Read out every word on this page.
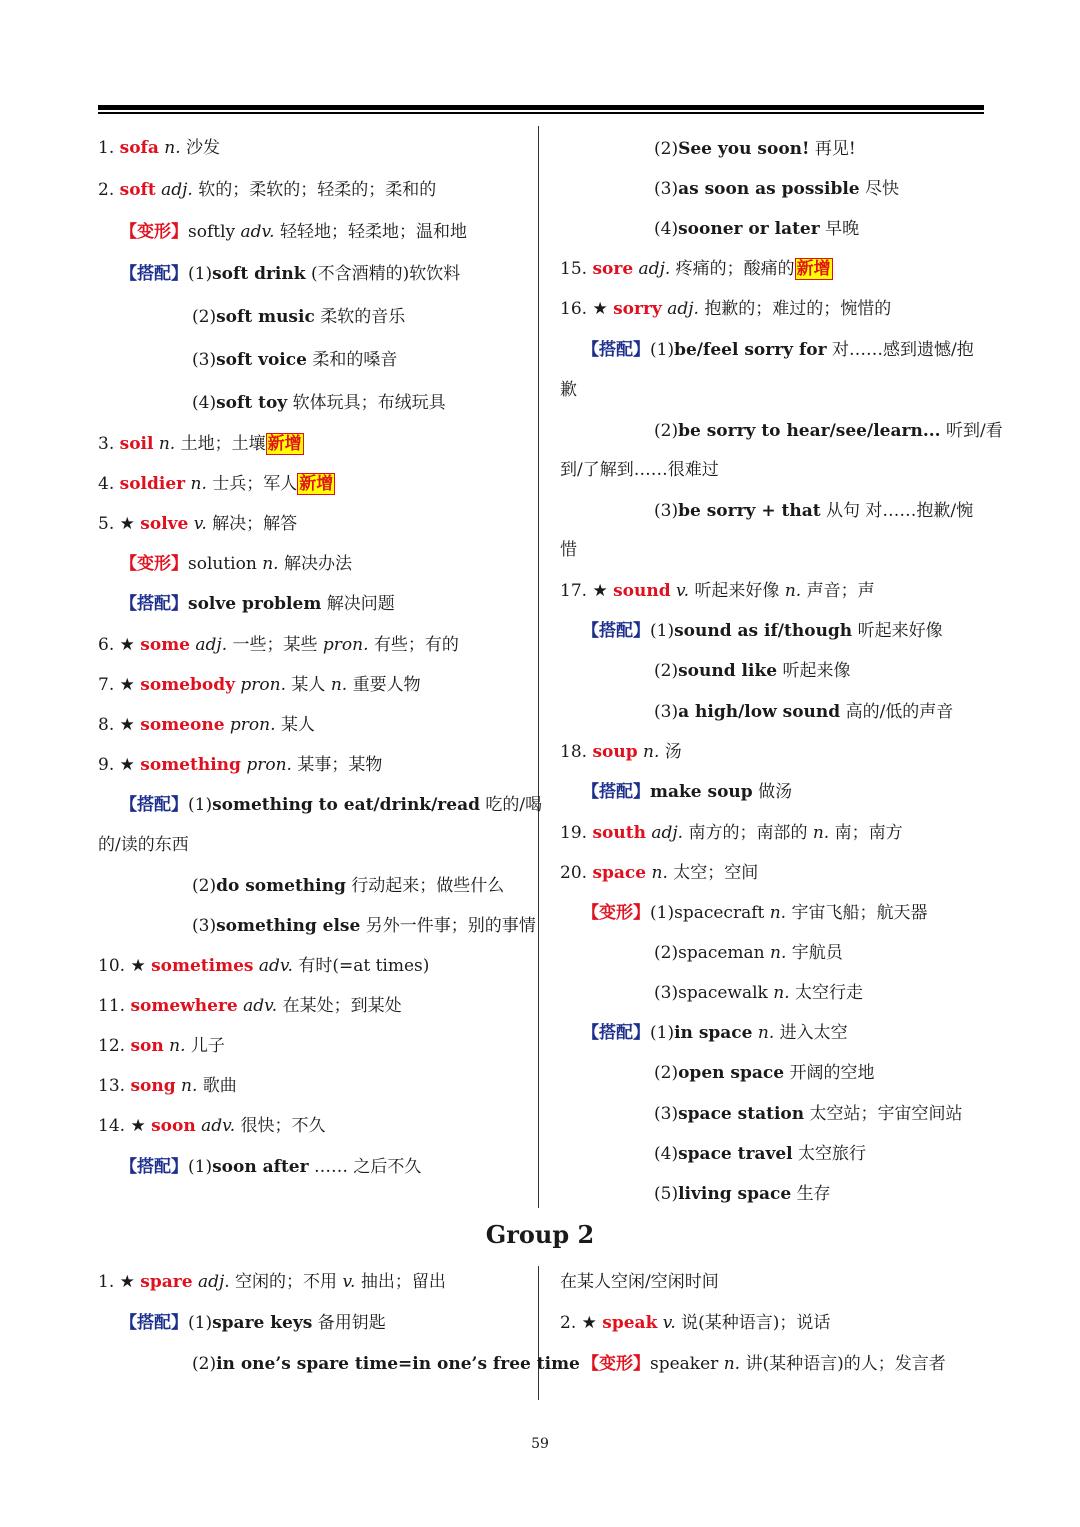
1. sofa n. 沙发
2. soft adj. 软的；柔软的；轻柔的；柔和的
【变形】softly adv. 轻轻地；轻柔地；温和地
【搭配】(1)soft drink (不含酒精的)软饮料
(2)soft music 柔软的音乐
(3)soft voice 柔和的嗓音
(4)soft toy 软体玩具；布绒玩具
3. soil n. 土地；土壤 新增
4. soldier n. 士兵；军人 新增
5. ★ solve v. 解决；解答
【变形】solution n. 解决办法
【搭配】solve problem 解决问题
6. ★ some adj. 一些；某些 pron. 有些；有的
7. ★ somebody pron. 某人 n. 重要人物
8. ★ someone pron. 某人
9. ★ something pron. 某事；某物
【搭配】(1)something to eat/drink/read 吃的/喝
的/读的东西
(2)do something 行动起来；做些什么
(3)something else 另外一件事；别的事情
10. ★ sometimes adv. 有时(=at times)
11. somewhere adv. 在某处；到某处
12. son n. 儿子
13. song n. 歌曲
14. ★ soon adv. 很快；不久
【搭配】(1)soon after …… 之后不久
(2)See you soon! 再见!
(3)as soon as possible 尽快
(4)sooner or later 早晚
15. sore adj. 疼痛的；酸痛的 新增
16. ★ sorry adj. 抱歉的；难过的；惋惜的
【搭配】(1)be/feel sorry for 对……感到遗憾/抱
歉
(2)be sorry to hear/see/learn... 听到/看
到/了解到……很难过
(3)be sorry + that 从句 对……抱歉/惋
惜
17. ★ sound v. 听起来好像 n. 声音；声
【搭配】(1)sound as if/though 听起来好像
(2)sound like 听起来像
(3)a high/low sound 高的/低的声音
18. soup n. 汤
【搭配】make soup 做汤
19. south adj. 南方的；南部的 n. 南；南方
20. space n. 太空；空间
【变形】(1)spacecraft n. 宇宙飞船；航天器
(2)spaceman n. 宇航员
(3)spacewalk n. 太空行走
【搭配】(1)in space n. 进入太空
(2)open space 开阔的空地
(3)space station 太空站；宇宙空间站
(4)space travel 太空旅行
(5)living space 生存
Group 2
1. ★ spare adj. 空闲的；不用 v. 抽出；留出
【搭配】(1)spare keys 备用钥匙
(2)in one’s spare time=in one’s free time
在某人空闲/空闲时间
2. ★ speak v. 说(某种语言)；说话
【变形】speaker n. 讲(某种语言)的人；发言者
59
